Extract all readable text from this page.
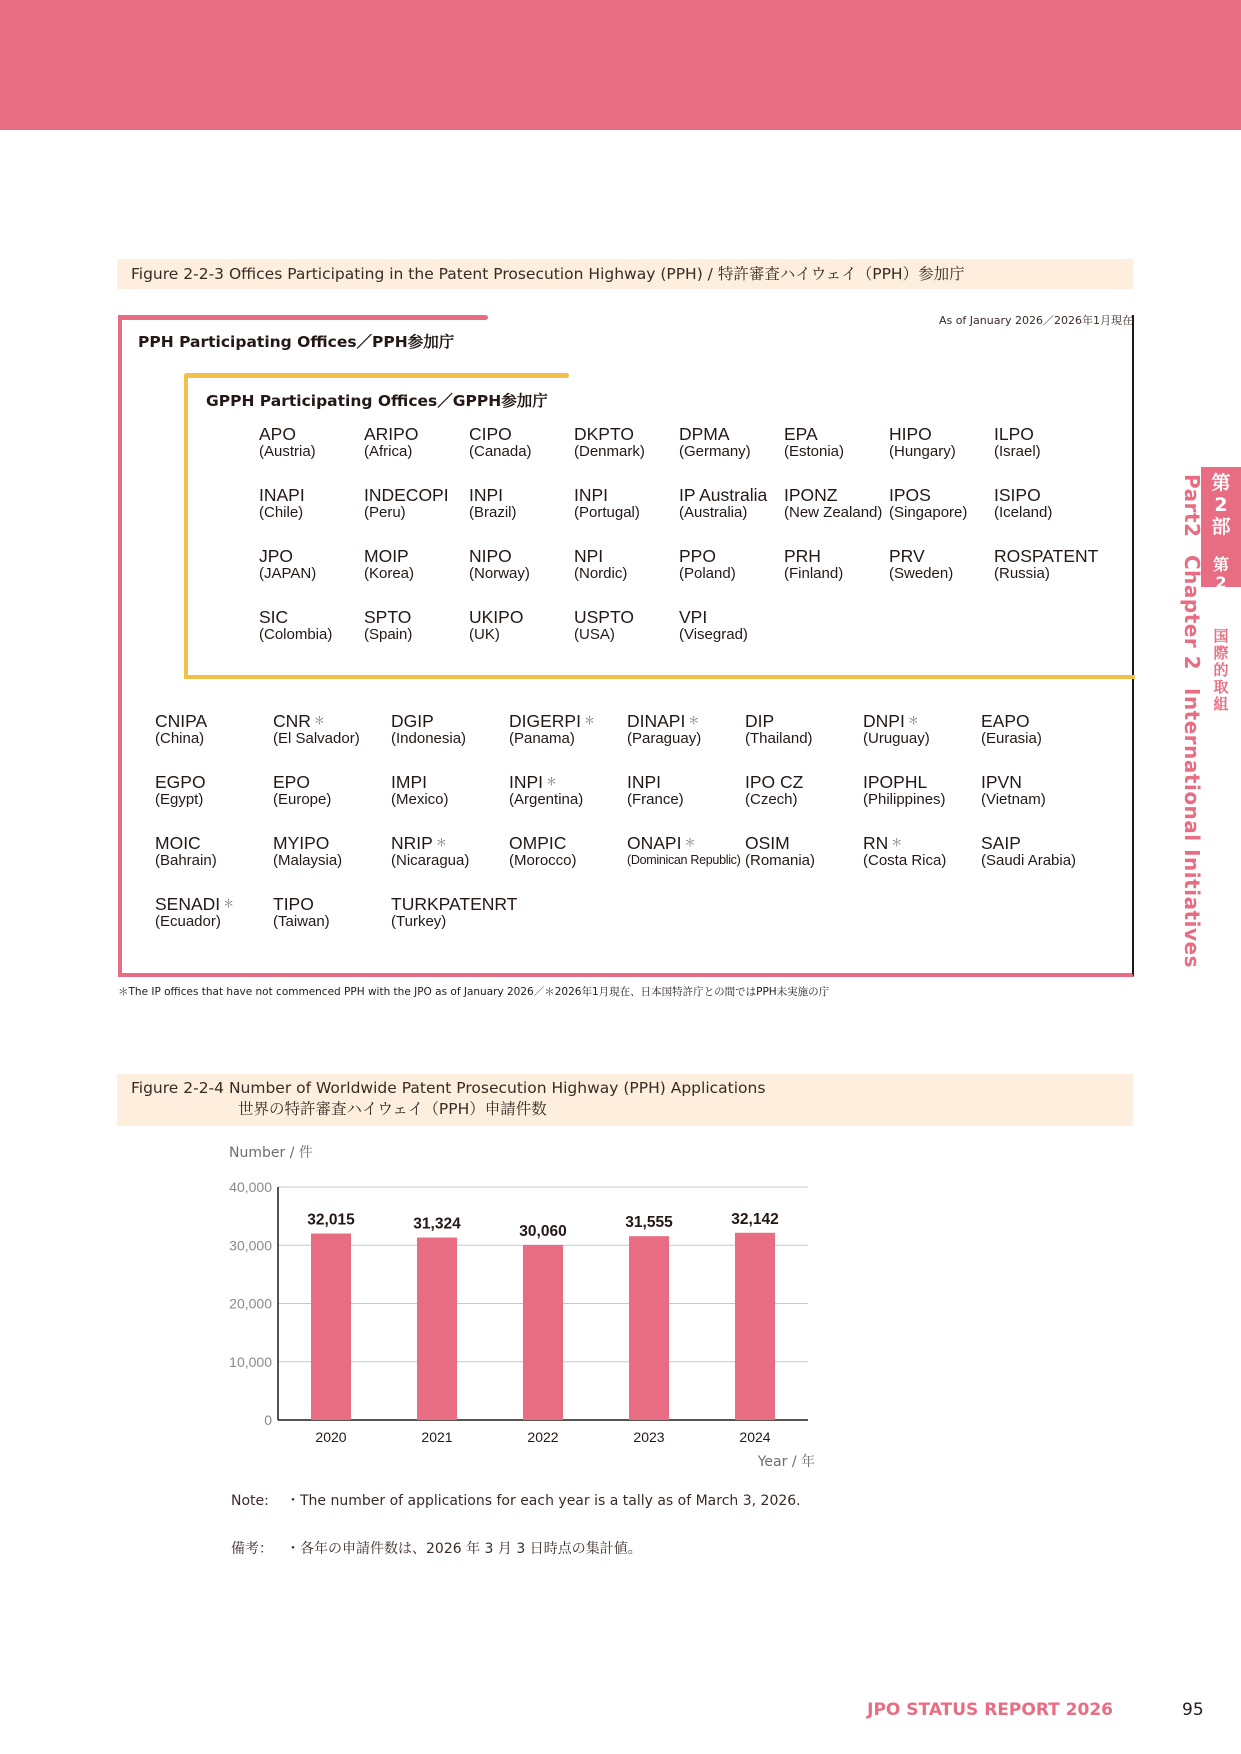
Figure 2-2-3 Offices Participating in the Patent Prosecution Highway (PPH) / 特許審査ハイウェイ（PPH）参加庁
As of January 2026／2026年1月現在
PPH Participating Offices／PPH参加庁
GPPH Participating Offices／GPPH参加庁
APO
(Austria)
ARIPO
(Africa)
CIPO
(Canada)
DKPTO
(Denmark)
DPMA
(Germany)
EPA
(Estonia)
HIPO
(Hungary)
ILPO
(Israel)
INAPI
(Chile)
INDECOPI
(Peru)
INPI
(Brazil)
INPI
(Portugal)
IP Australia
(Australia)
IPONZ
(New Zealand)
IPOS
(Singapore)
ISIPO
(Iceland)
JPO
(JAPAN)
MOIP
(Korea)
NIPO
(Norway)
NPI
(Nordic)
PPO
(Poland)
PRH
(Finland)
PRV
(Sweden)
ROSPATENT
(Russia)
SIC
(Colombia)
SPTO
(Spain)
UKIPO
(UK)
USPTO
(USA)
VPI
(Visegrad)
CNIPA
(China)
CNR ＊
(El Salvador)
DGIP
(Indonesia)
DIGERPI ＊
(Panama)
DINAPI ＊
(Paraguay)
DIP
(Thailand)
DNPI ＊
(Uruguay)
EAPO
(Eurasia)
EGPO
(Egypt)
EPO
(Europe)
IMPI
(Mexico)
INPI ＊
(Argentina)
INPI
(France)
IPO CZ
(Czech)
IPOPHL
(Philippines)
IPVN
(Vietnam)
MOIC
(Bahrain)
MYIPO
(Malaysia)
NRIP ＊
(Nicaragua)
OMPIC
(Morocco)
ONAPI ＊
(Dominican Republic)
OSIM
(Romania)
RN ＊
(Costa Rica)
SAIP
(Saudi Arabia)
SENADI ＊
(Ecuador)
TIPO
(Taiwan)
TURKPATENRT
(Turkey)
＊The IP offices that have not commenced PPH with the JPO as of January 2026／＊2026年1月現在、日本国特許庁との間ではPPH未実施の庁
Figure 2-2-4 Number of Worldwide Patent Prosecution Highway (PPH) Applications
世界の特許審査ハイウェイ（PPH）申請件数
Number / 件
0
10,000
20,000
30,000
40,000
32,015
2020
31,324
2021
30,060
2022
31,555
2023
32,142
2024
Year / 年
Note: ・The number of applications for each year is a tally as of March 3, 2026.
備考： ・各年の申請件数は、2026 年 3 月 3 日時点の集計値。
第
2
部
第
2
章
国
際
的
取
組
Part2 Chapter 2 International Initiatives
JPO STATUS REPORT 2026	95
